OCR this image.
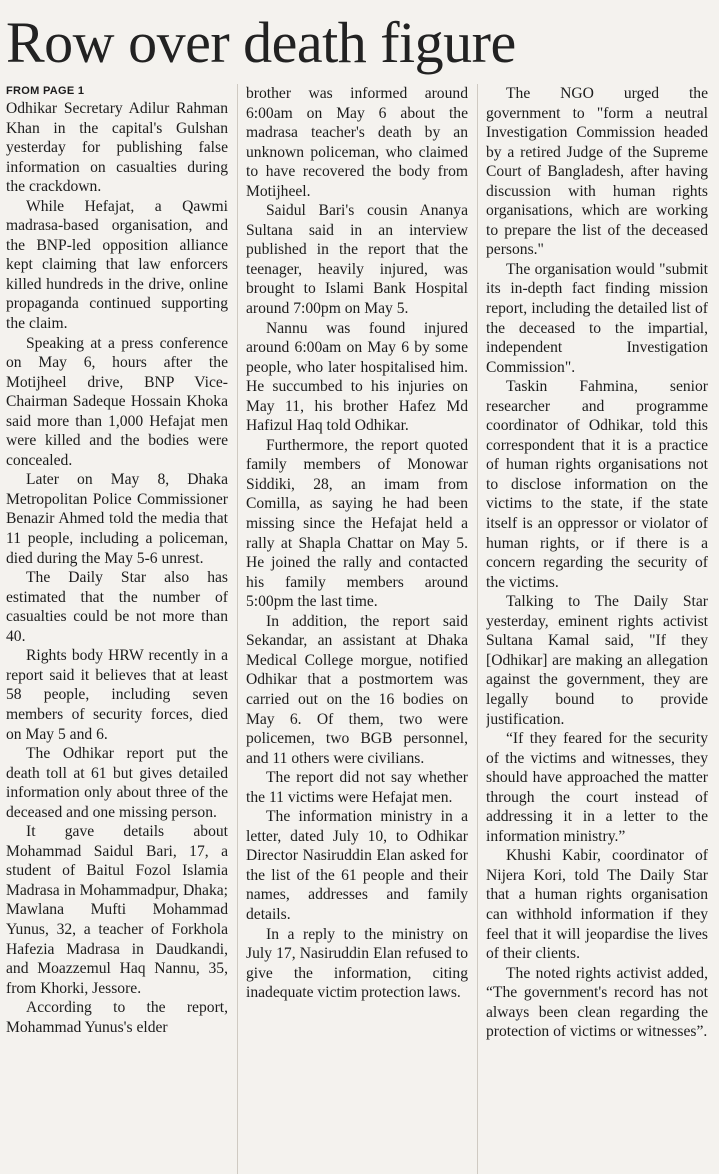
Row over death figure
FROM PAGE 1

Odhikar Secretary Adilur Rahman Khan in the capital's Gulshan yesterday for publishing false information on casualties during the crackdown.

While Hefajat, a Qawmi madrasa-based organisation, and the BNP-led opposition alliance kept claiming that law enforcers killed hundreds in the drive, online propaganda continued supporting the claim.

Speaking at a press conference on May 6, hours after the Motijheel drive, BNP Vice-Chairman Sadeque Hossain Khoka said more than 1,000 Hefajat men were killed and the bodies were concealed.

Later on May 8, Dhaka Metropolitan Police Commissioner Benazir Ahmed told the media that 11 people, including a policeman, died during the May 5-6 unrest.

The Daily Star also has estimated that the number of casualties could be not more than 40.

Rights body HRW recently in a report said it believes that at least 58 people, including seven members of security forces, died on May 5 and 6.

The Odhikar report put the death toll at 61 but gives detailed information only about three of the deceased and one missing person.

It gave details about Mohammad Saidul Bari, 17, a student of Baitul Fozol Islamia Madrasa in Mohammadpur, Dhaka; Mawlana Mufti Mohammad Yunus, 32, a teacher of Forkhola Hafezia Madrasa in Daudkandi, and Moazzemul Haq Nannu, 35, from Khorki, Jessore.

According to the report, Mohammad Yunus's elder

brother was informed around 6:00am on May 6 about the madrasa teacher's death by an unknown policeman, who claimed to have recovered the body from Motijheel.

Saidul Bari's cousin Ananya Sultana said in an interview published in the report that the teenager, heavily injured, was brought to Islami Bank Hospital around 7:00pm on May 5.

Nannu was found injured around 6:00am on May 6 by some people, who later hospitalised him. He succumbed to his injuries on May 11, his brother Hafez Md Hafizul Haq told Odhikar.

Furthermore, the report quoted family members of Monowar Siddiki, 28, an imam from Comilla, as saying he had been missing since the Hefajat held a rally at Shapla Chattar on May 5. He joined the rally and contacted his family members around 5:00pm the last time.

In addition, the report said Sekandar, an assistant at Dhaka Medical College morgue, notified Odhikar that a postmortem was carried out on the 16 bodies on May 6. Of them, two were policemen, two BGB personnel, and 11 others were civilians.

The report did not say whether the 11 victims were Hefajat men.

The information ministry in a letter, dated July 10, to Odhikar Director Nasiruddin Elan asked for the list of the 61 people and their names, addresses and family details.

In a reply to the ministry on July 17, Nasiruddin Elan refused to give the information, citing inadequate victim protection laws.

The NGO urged the government to "form a neutral Investigation Commission headed by a retired Judge of the Supreme Court of Bangladesh, after having discussion with human rights organisations, which are working to prepare the list of the deceased persons."

The organisation would "submit its in-depth fact finding mission report, including the detailed list of the deceased to the impartial, independent Investigation Commission".

Taskin Fahmina, senior researcher and programme coordinator of Odhikar, told this correspondent that it is a practice of human rights organisations not to disclose information on the victims to the state, if the state itself is an oppressor or violator of human rights, or if there is a concern regarding the security of the victims.

Talking to The Daily Star yesterday, eminent rights activist Sultana Kamal said, "If they [Odhikar] are making an allegation against the government, they are legally bound to provide justification.

“If they feared for the security of the victims and witnesses, they should have approached the matter through the court instead of addressing it in a letter to the information ministry.”

Khushi Kabir, coordinator of Nijera Kori, told The Daily Star that a human rights organisation can withhold information if they feel that it will jeopardise the lives of their clients.

The noted rights activist added, “The government's record has not always been clean regarding the protection of victims or witnesses”.
